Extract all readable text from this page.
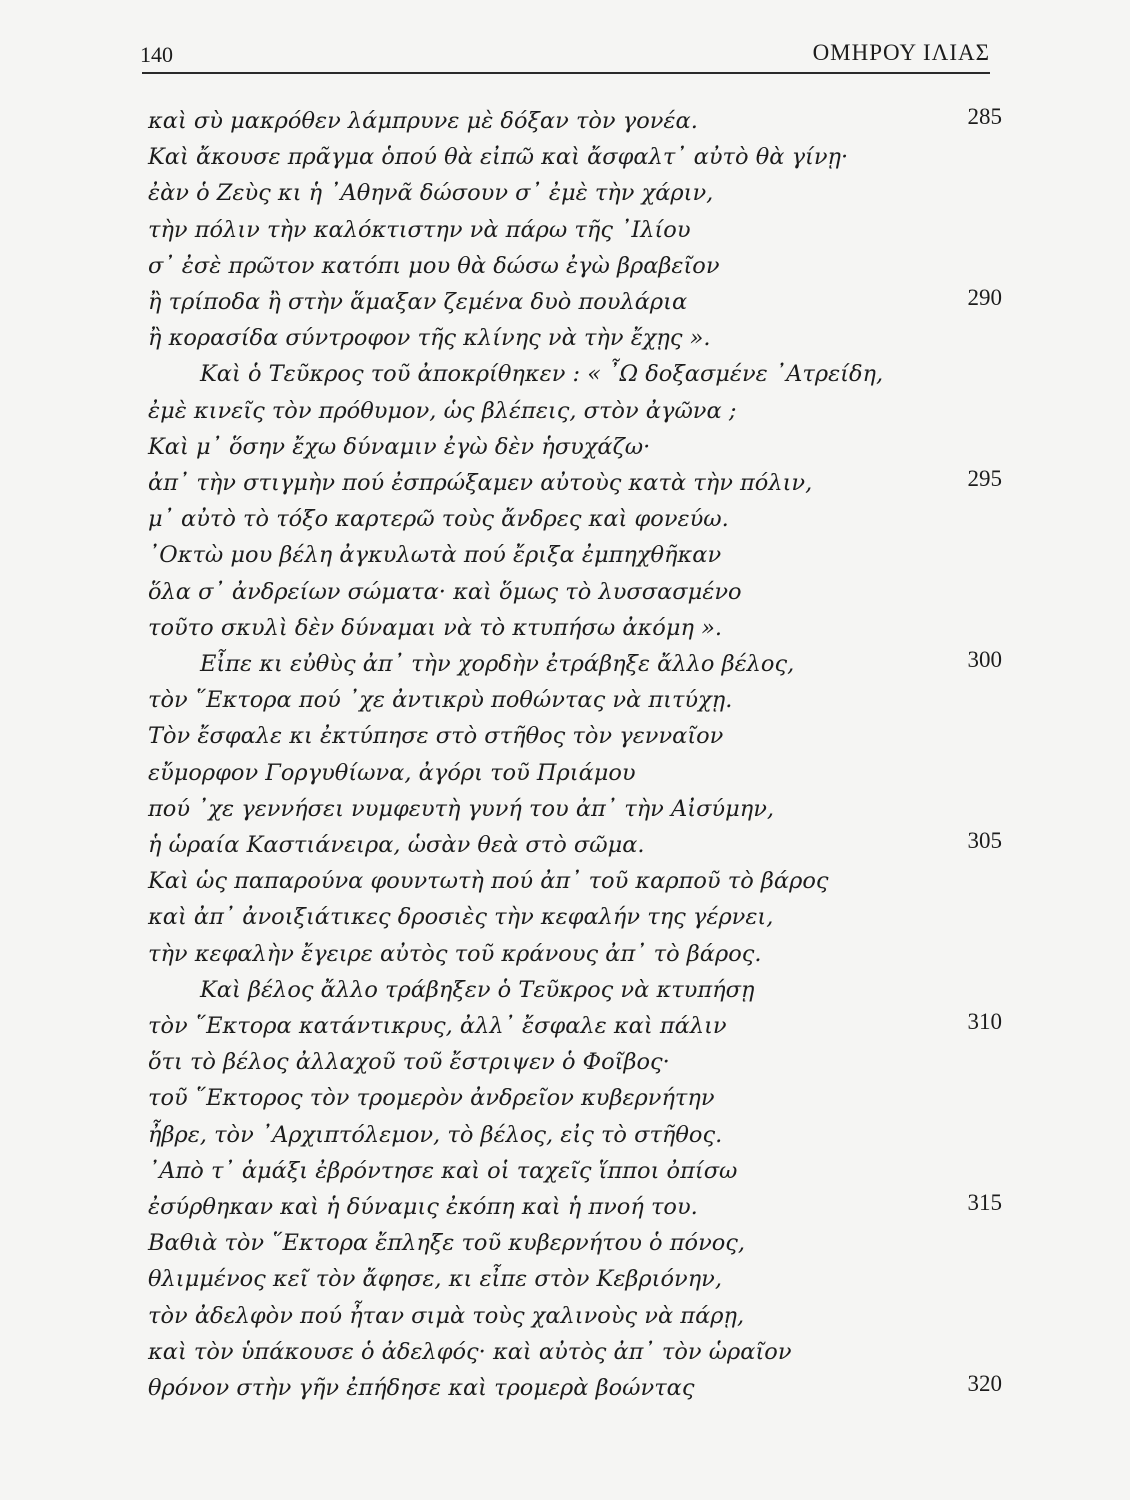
140	ΟΜΗΡΟΥ ΙΛΙΑΣ
καὶ σὺ μακρόθεν λάμπρυνε μὲ δόξαν τὸν γονέα.	285
Καὶ ἄκουσε πρᾶγμα ὁπού θὰ εἰπῶ καὶ ἄσφαλτ᾽ αὐτὸ θὰ γίνῃ·
ἐὰν ὁ Ζεὺς κι ἡ ᾿Αθηνᾶ δώσουν σ᾽ ἐμὲ τὴν χάριν,
τὴν πόλιν τὴν καλόκτιστην νὰ πάρω τῆς ᾿Ιλίου
σ᾽ ἐσὲ πρῶτον κατόπι μου θὰ δώσω ἐγὼ βραβεῖον
ἢ τρίποδα ἢ στὴν ἅμαξαν ζεμένα δυὸ πουλάρια	290
ἢ κορασίδα σύντροφον τῆς κλίνης νὰ τὴν ἔχῃς ».
Καὶ ὁ Τεῦκρος τοῦ ἀποκρίθηκεν : « ῏Ω δοξασμένε ᾿Ατρείδη,
ἐμὲ κινεῖς τὸν πρόθυμον, ὡς βλέπεις, στὸν ἀγῶνα ;
Καὶ μ᾽ ὅσην ἔχω δύναμιν ἐγὼ δὲν ἡσυχάζω·
ἀπ᾽ τὴν στιγμὴν πού ἐσπρώξαμεν αὐτοὺς κατὰ τὴν πόλιν,	295
μ᾽ αὐτὸ τὸ τόξο καρτερῶ τοὺς ἄνδρες καὶ φονεύω.
᾿Οκτὼ μου βέλη ἀγκυλωτὰ πού ἔριξα ἐμπηχθῆκαν
ὅλα σ᾽ ἀνδρείων σώματα· καὶ ὅμως τὸ λυσσασμένο
τοῦτο σκυλὶ δὲν δύναμαι νὰ τὸ κτυπήσω ἀκόμη ».
Εἶπε κι εὐθὺς ἀπ᾽ τὴν χορδὴν ἐτράβηξε ἄλλο βέλος,	300
τὸν ῞Εκτορα πού ᾽χε ἀντικρὺ ποθώντας νὰ πιτύχῃ.
Τὸν ἔσφαλε κι ἐκτύπησε στὸ στῆθος τὸν γενναῖον
εὔμορφον Γοργυθίωνα, ἀγόρι τοῦ Πριάμου
πού ᾽χε γεννήσει νυμφευτὴ γυνή του ἀπ᾽ τὴν Αἰσύμην,
ἡ ὡραία Καστιάνειρα, ὡσὰν θεὰ στὸ σῶμα.	305
Καὶ ὡς παπαρούνα φουντωτὴ πού ἀπ᾽ τοῦ καρποῦ τὸ βάρος
καὶ ἀπ᾽ ἀνοιξιάτικες δροσιὲς τὴν κεφαλήν της γέρνει,
τὴν κεφαλὴν ἔγειρε αὐτὸς τοῦ κράνους ἀπ᾽ τὸ βάρος.
Καὶ βέλος ἄλλο τράβηξεν ὁ Τεῦκρος νὰ κτυπήσῃ
τὸν ῞Εκτορα κατάντικρυς, ἀλλ᾽ ἔσφαλε καὶ πάλιν	310
ὅτι τὸ βέλος ἀλλαχοῦ τοῦ ἔστριψεν ὁ Φοῖβος·
τοῦ ῞Εκτορος τὸν τρομερὸν ἀνδρεῖον κυβερνήτην
ἦβρε, τὸν ᾿Αρχιπτόλεμον, τὸ βέλος, εἰς τὸ στῆθος.
᾿Απὸ τ᾽ ἁμάξι ἐβρόντησε καὶ οἱ ταχεῖς ἵπποι ὀπίσω
ἐσύρθηκαν καὶ ἡ δύναμις ἐκόπη καὶ ἡ πνοή του.	315
Βαθιὰ τὸν ῞Εκτορα ἔπληξε τοῦ κυβερνήτου ὁ πόνος,
θλιμμένος κεῖ τὸν ἄφησε, κι εἶπε στὸν Κεβριόνην,
τὸν ἀδελφὸν πού ἦταν σιμὰ τοὺς χαλινοὺς νὰ πάρῃ,
καὶ τὸν ὑπάκουσε ὁ ἀδελφός· καὶ αὐτὸς ἀπ᾽ τὸν ὡραῖον
θρόνον στὴν γῆν ἐπήδησε καὶ τρομερὰ βοώντας	320
